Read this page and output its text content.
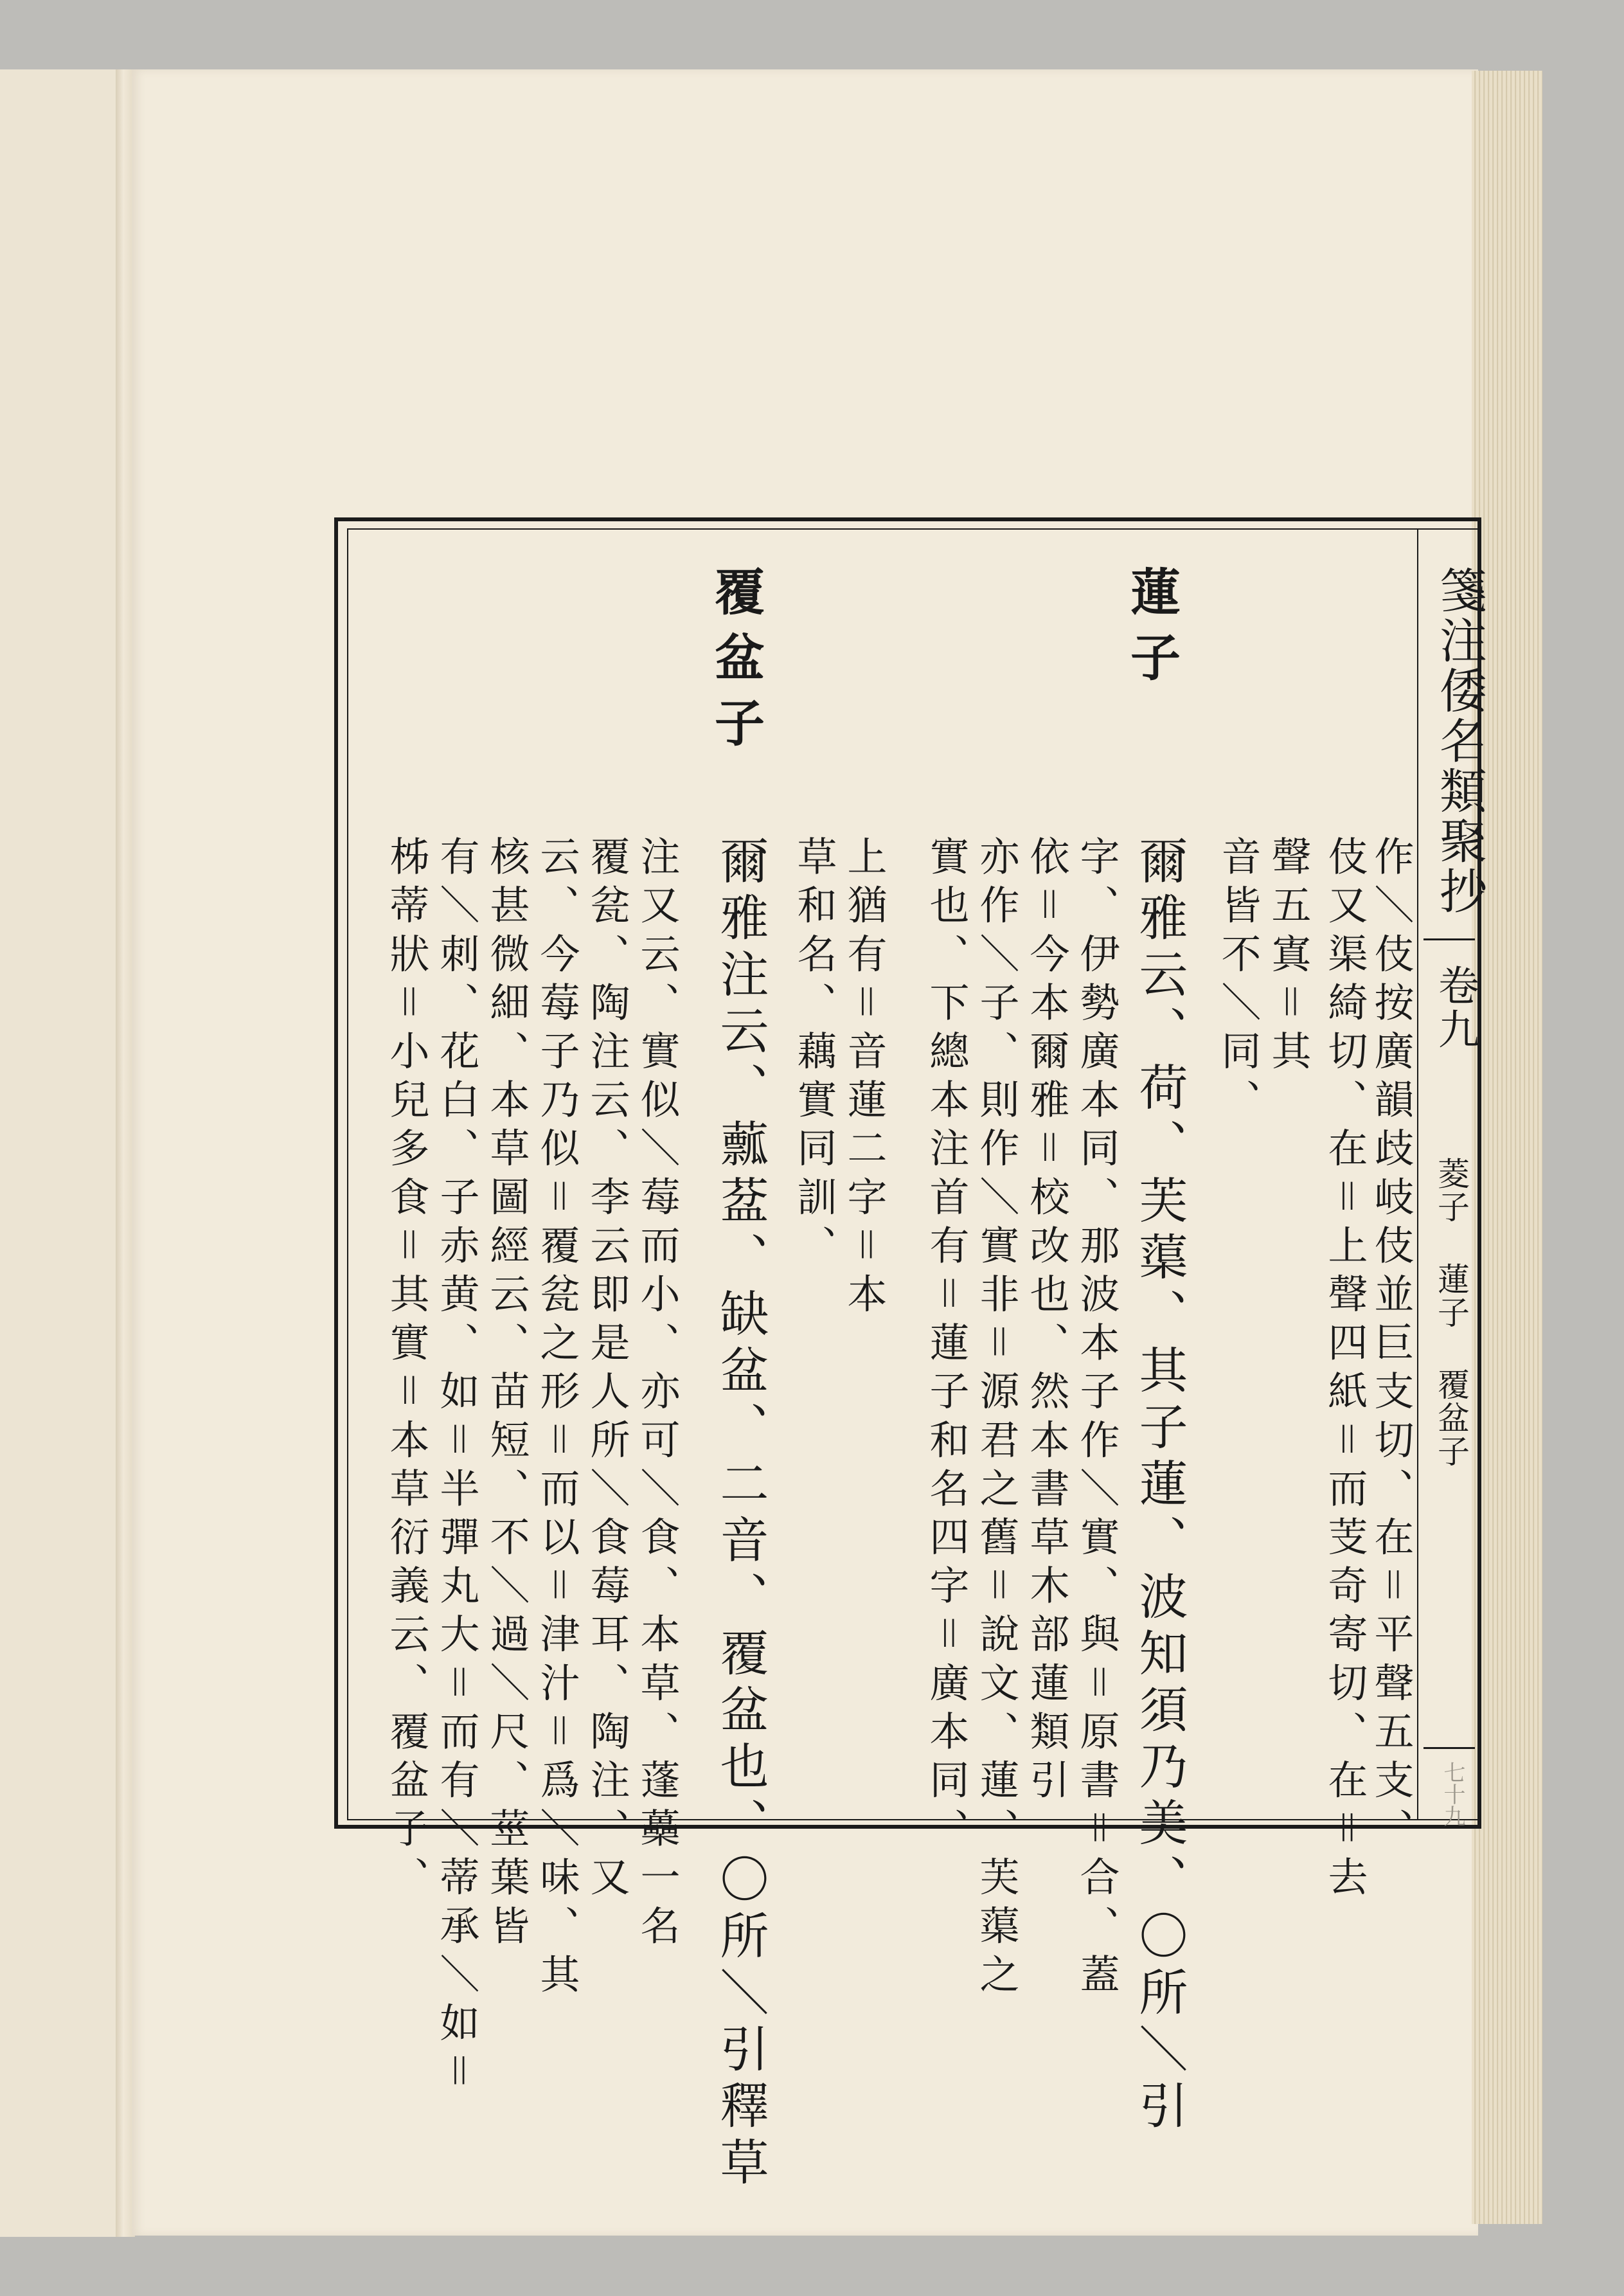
箋注倭名類聚抄
卷九
菱子 蓮子 覆盆子
七十九
蓮子
覆盆子
作＼伎按廣韻歧岐伎並巨支切、在＝平聲五支、
伎又渠綺切、在＝上聲四紙＝而芰奇寄切、在＝去
聲五寘＝其
音皆不＼同、
爾雅云、荷、芙蕖、其子蓮、波知須乃美、〇所＼引
字、伊勢廣本同、那波本子作＼實、與＝原書＝合、蓋
依＝今本爾雅＝校改也、然本書草木部蓮類引
亦作＼子、則作＼實非＝源君之舊＝說文、蓮、芙蕖之
實也、下總本注首有＝蓮子和名四字＝廣本同、
上猶有＝音蓮二字＝本
草和名、藕實同訓、
爾雅注云、䕯葐、缺盆、二音、覆盆也、〇所＼引釋草
注又云、實似＼莓而小、亦可＼食、本草、蓬蘽一名
覆瓫、陶注云、李云即是人所＼食莓耳、陶注、又
云、今莓子乃似＝覆瓫之形＝而以＝津汁＝爲＼味、其
核甚微細、本草圖經云、苗短、不＼過＼尺、莖葉皆
有＼刺、花白、子赤黄、如＝半彈丸大＝而有＼蒂承＼如＝
柹蒂狀＝小兒多食＝其實＝本草衍義云、覆盆子、
